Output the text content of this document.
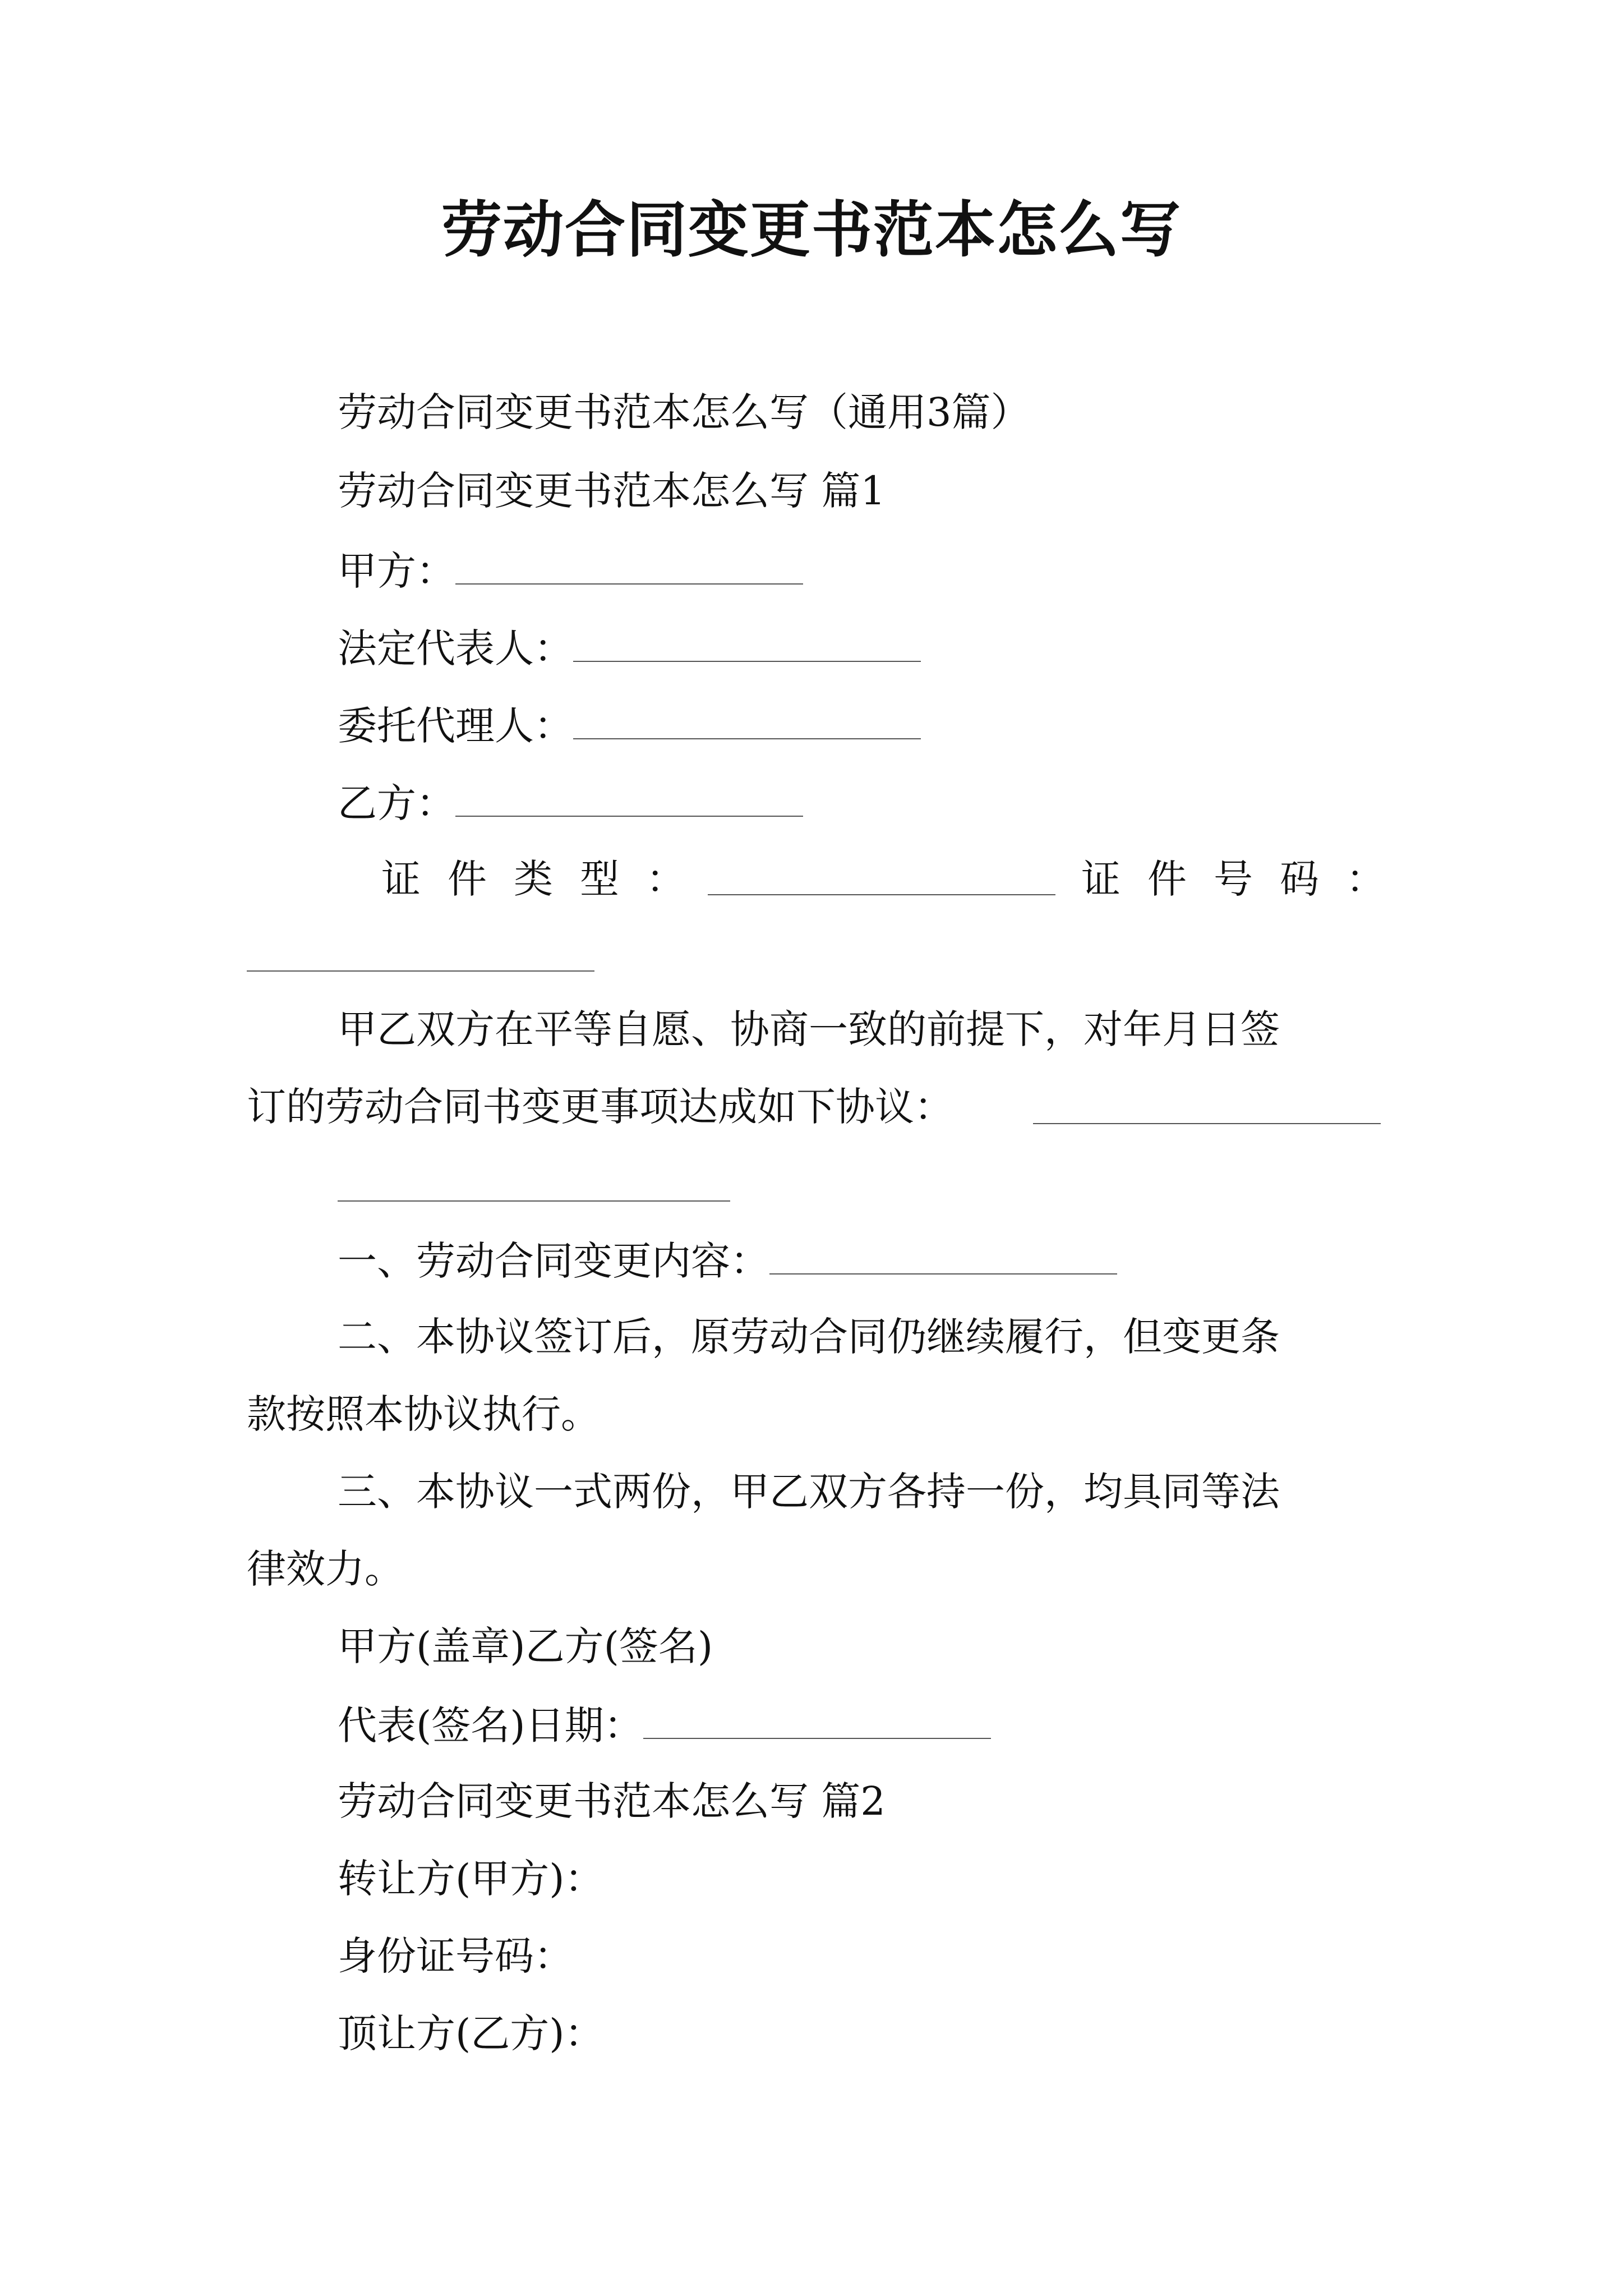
劳动合同变更书范本怎么写
劳动合同变更书范本怎么写（通用3篇）
劳动合同变更书范本怎么写 篇1
甲方：
法定代表人：
委托代理人：
乙方：
证件类型：	证件号码：
甲乙双方在平等自愿、协商一致的前提下，对年月日签
订的劳动合同书变更事项达成如下协议：
一、劳动合同变更内容：
二、本协议签订后，原劳动合同仍继续履行，但变更条
款按照本协议执行。
三、本协议一式两份，甲乙双方各持一份，均具同等法
律效力。
甲方(盖章)乙方(签名)
代表(签名)日期：
劳动合同变更书范本怎么写 篇2
转让方(甲方)：
身份证号码：
顶让方(乙方)：
